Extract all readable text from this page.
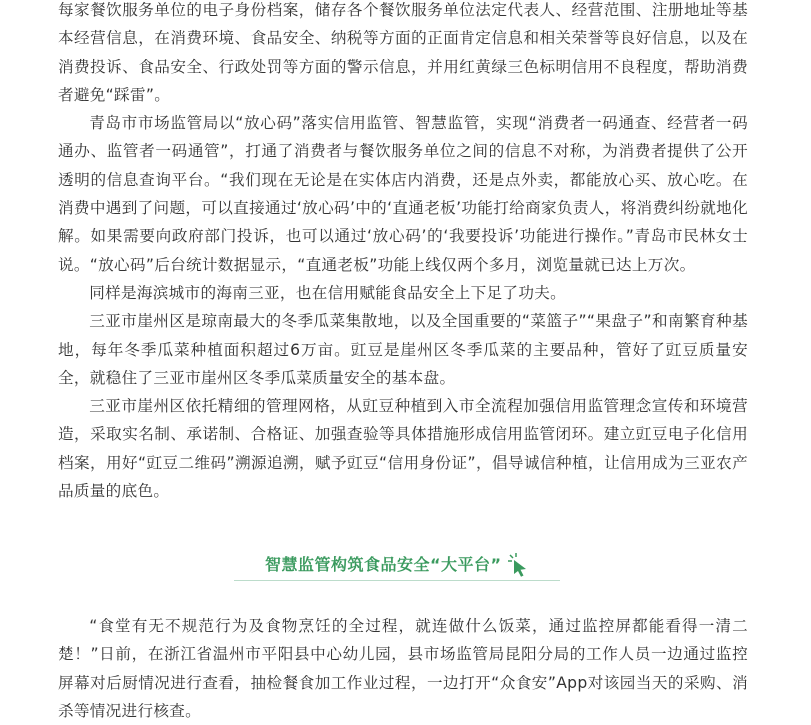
每家餐饮服务单位的电子身份档案，储存各个餐饮服务单位法定代表人、经营范围、注册地址等基本经营信息，在消费环境、食品安全、纳税等方面的正面肯定信息和相关荣誉等良好信息，以及在消费投诉、食品安全、行政处罚等方面的警示信息，并用红黄绿三色标明信用不良程度，帮助消费者避免“踩雷”。

青岛市市场监管局以“放心码”落实信用监管、智慧监管，实现“消费者一码通查、经营者一码通办、监管者一码通管”，打通了消费者与餐饮服务单位之间的信息不对称，为消费者提供了公开透明的信息查询平台。“我们现在无论是在实体店内消费，还是点外卖，都能放心买、放心吃。在消费中遇到了问题，可以直接通过‘放心码’中的‘直通老板’功能打给商家负责人，将消费纠纷就地化解。如果需要向政府部门投诉，也可以通过‘放心码’的‘我要投诉’功能进行操作。”青岛市民林女士说。“放心码”后台统计数据显示，“直通老板”功能上线仅两个多月，浏览量就已达上万次。

同样是海滨城市的海南三亚，也在信用赋能食品安全上下足了功夫。

三亚市崖州区是琼南最大的冬季瓜菜集散地，以及全国重要的“菜篮子”“果盘子”和南繁育种基地，每年冬季瓜菜种植面积超过6万亩。豇豆是崖州区冬季瓜菜的主要品种，管好了豇豆质量安全，就稳住了三亚市崖州区冬季瓜菜质量安全的基本盘。

三亚市崖州区依托精细的管理网格，从豇豆种植到入市全流程加强信用监管理念宣传和环境营造，采取实名制、承诺制、合格证、加强查验等具体措施形成信用监管闭环。建立豇豆电子化信用档案，用好“豇豆二维码”溯源追溯，赋予豇豆“信用身份证”，倡导诚信种植，让信用成为三亚农产品质量的底色。

智慧监管构筑食品安全“大平台”

“食堂有无不规范行为及食物烹饪的全过程，就连做什么饭菜，通过监控屏都能看得一清二楚！”日前，在浙江省温州市平阳县中心幼儿园，县市场监管局昆阳分局的工作人员一边通过监控屏幕对后厨情况进行查看，抽检餐食加工作业过程，一边打开“众食安”App对该园当天的采购、消杀等情况进行核查。
